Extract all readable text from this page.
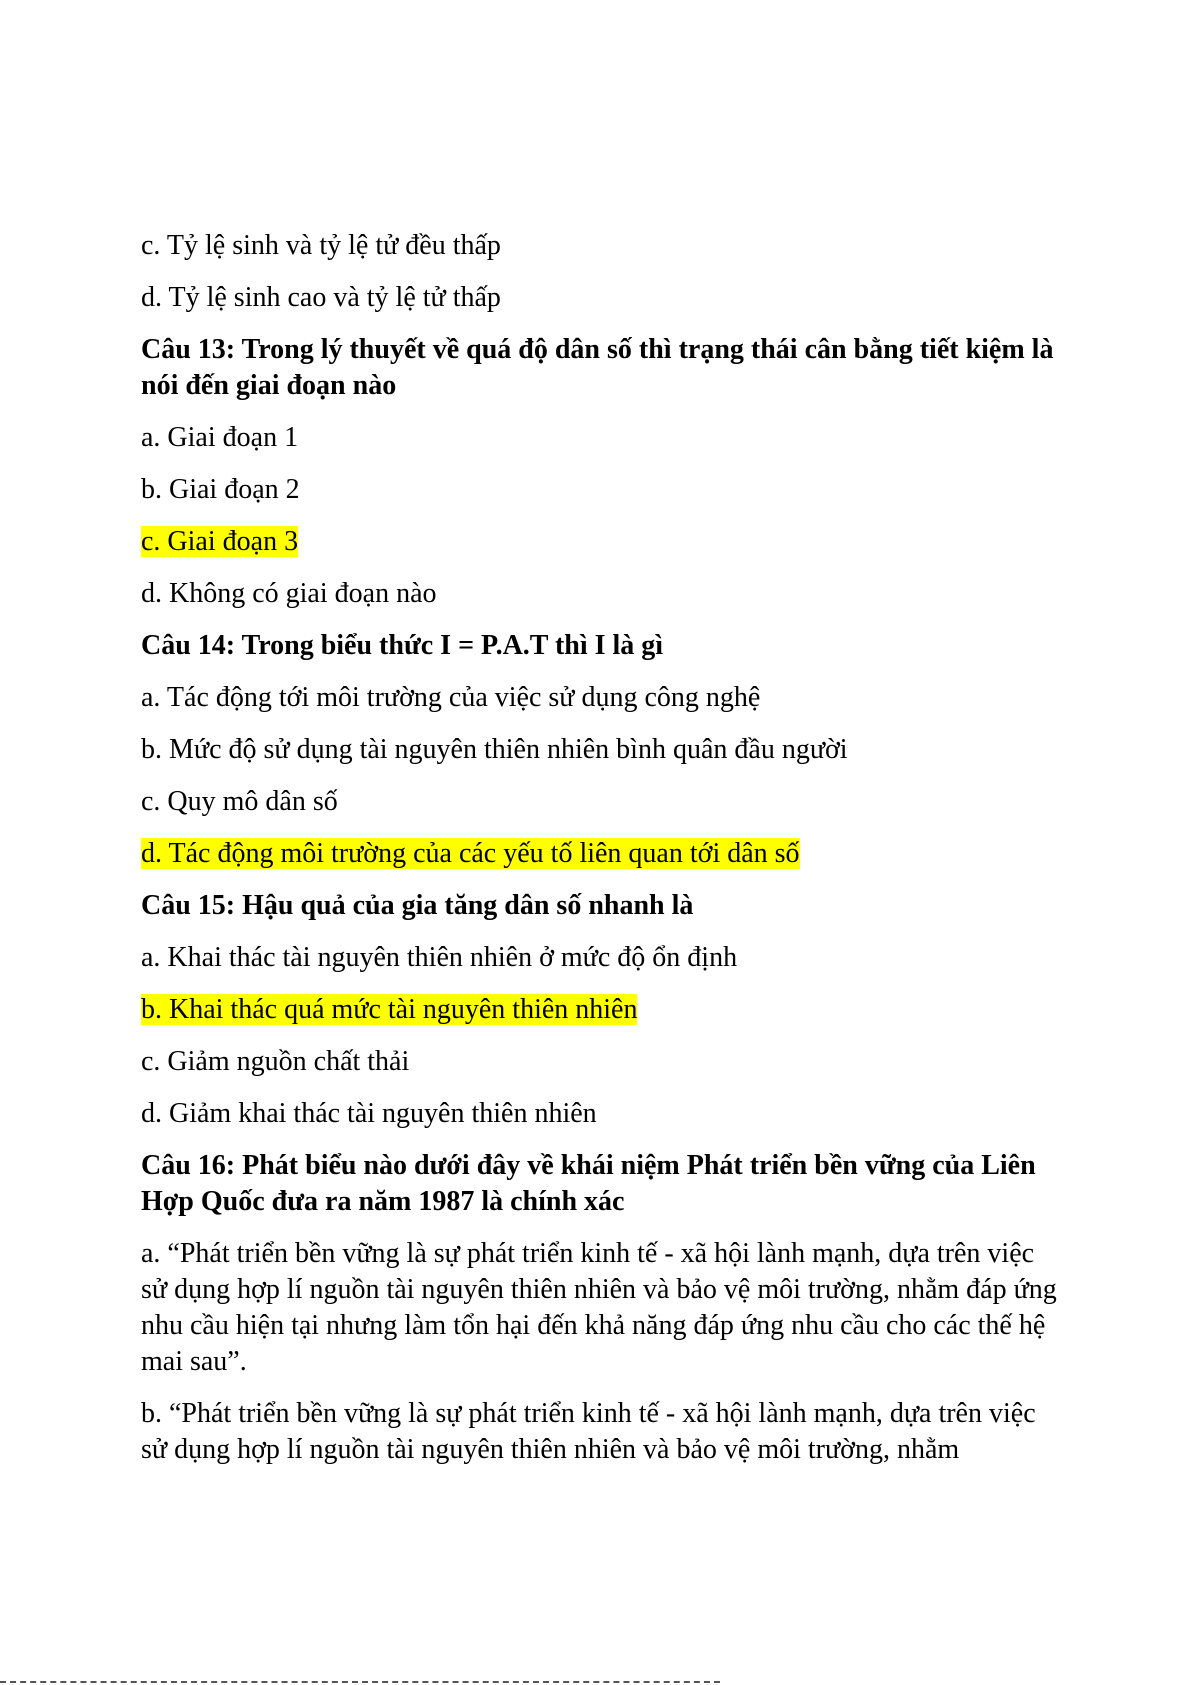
c. Tỷ lệ sinh và tỷ lệ tử đều thấp
d. Tỷ lệ sinh cao và tỷ lệ tử thấp
Câu 13: Trong lý thuyết về quá độ dân số thì trạng thái cân bằng tiết kiệm là nói đến giai đoạn nào
a. Giai đoạn 1
b. Giai đoạn 2
c. Giai đoạn 3
d. Không có giai đoạn nào
Câu 14: Trong biểu thức I = P.A.T thì I là gì
a. Tác động tới môi trường của việc sử dụng công nghệ
b. Mức độ sử dụng tài nguyên thiên nhiên bình quân đầu người
c. Quy mô dân số
d. Tác động môi trường của các yếu tố liên quan tới dân số
Câu 15: Hậu quả của gia tăng dân số nhanh là
a. Khai thác tài nguyên thiên nhiên ở mức độ ổn định
b. Khai thác quá mức tài nguyên thiên nhiên
c. Giảm nguồn chất thải
d. Giảm khai thác tài nguyên thiên nhiên
Câu 16: Phát biểu nào dưới đây về khái niệm Phát triển bền vững của Liên Hợp Quốc đưa ra năm 1987 là chính xác
a. “Phát triển bền vững là sự phát triển kinh tế - xã hội lành mạnh, dựa trên việc sử dụng hợp lí nguồn tài nguyên thiên nhiên và bảo vệ môi trường, nhằm đáp ứng nhu cầu hiện tại nhưng làm tổn hại đến khả năng đáp ứng nhu cầu cho các thế hệ mai sau”.
b. “Phát triển bền vững là sự phát triển kinh tế - xã hội lành mạnh, dựa trên việc sử dụng hợp lí nguồn tài nguyên thiên nhiên và bảo vệ môi trường, nhằm
